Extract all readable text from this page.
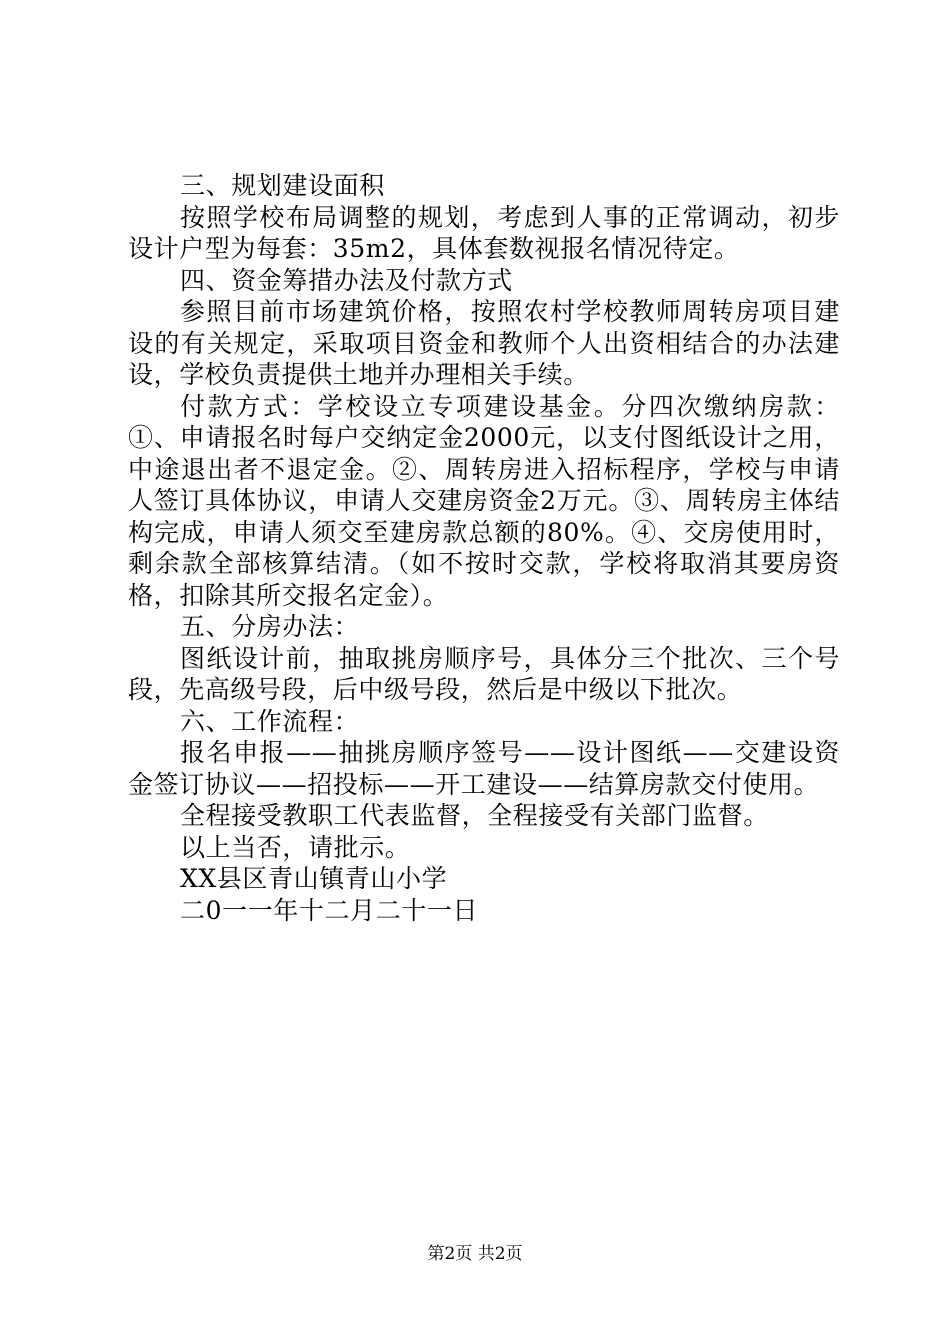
三、规划建设面积

按照学校布局调整的规划，考虑到人事的正常调动，初步设计户型为每套：35m2，具体套数视报名情况待定。

四、资金筹措办法及付款方式

参照目前市场建筑价格，按照农村学校教师周转房项目建设的有关规定，采取项目资金和教师个人出资相结合的办法建设，学校负责提供土地并办理相关手续。

付款方式：学校设立专项建设基金。分四次缴纳房款：①、申请报名时每户交纳定金2000元，以支付图纸设计之用，中途退出者不退定金。②、周转房进入招标程序，学校与申请人签订具体协议，申请人交建房资金2万元。③、周转房主体结构完成，申请人须交至建房款总额的80%。④、交房使用时，剩余款全部核算结清。（如不按时交款，学校将取消其要房资格，扣除其所交报名定金）。

五、分房办法：

图纸设计前，抽取挑房顺序号，具体分三个批次、三个号段，先高级号段，后中级号段，然后是中级以下批次。

六、工作流程：

报名申报——抽挑房顺序签号——设计图纸——交建设资金签订协议——招投标——开工建设——结算房款交付使用。

全程接受教职工代表监督，全程接受有关部门监督。

以上当否，请批示。

XX县区青山镇青山小学

二0一一年十二月二十一日

第2页 共2页
